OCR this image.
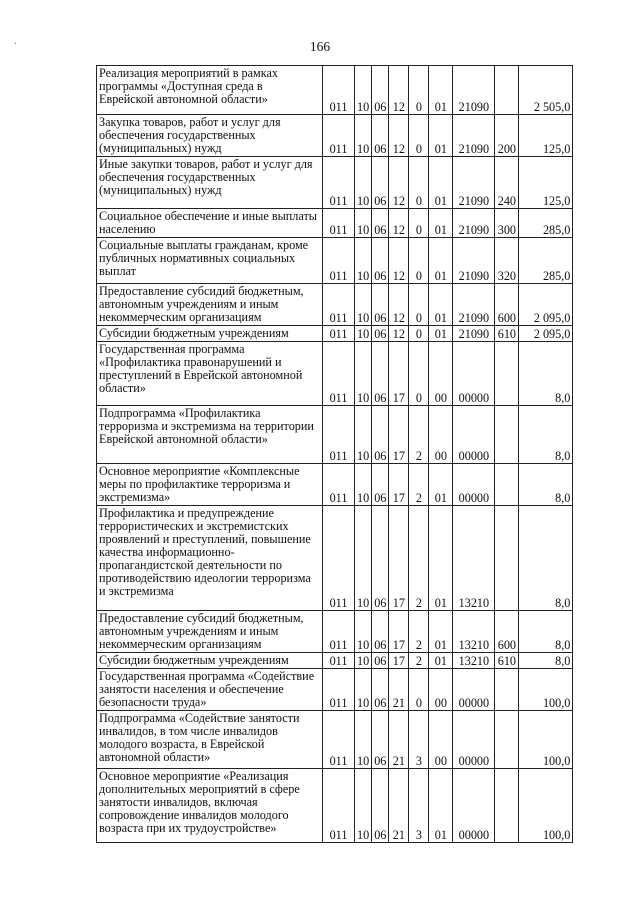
.	166
Реализация мероприятий в рамках программы «Доступная среда в Еврейской автономной области»	011	10	06	12	0	01	21090		2 505,0

Закупка товаров, работ и услуг для обеспечения государственных (муниципальных) нужд	011	10	06	12	0	01	21090	200	125,0

Иные закупки товаров, работ и услуг для обеспечения государственных (муниципальных) нужд	011	10	06	12	0	01	21090	240	125,0

Социальное обеспечение и иные выплаты населению	011	10	06	12	0	01	21090	300	285,0

Социальные выплаты гражданам, кроме публичных нормативных социальных выплат	011	10	06	12	0	01	21090	320	285,0

Предоставление субсидий бюджетным, автономным учреждениям и иным некоммерческим организациям	011	10	06	12	0	01	21090	600	2 095,0

Субсидии бюджетным учреждениям	011	10	06	12	0	01	21090	610	2 095,0

Государственная программа «Профилактика правонарушений и преступлений в Еврейской автономной области»	011	10	06	17	0	00	00000		8,0

Подпрограмма «Профилактика терроризма и экстремизма на территории Еврейской автономной области»	011	10	06	17	2	00	00000		8,0

Основное мероприятие «Комплексные меры по профилактике терроризма и экстремизма»	011	10	06	17	2	01	00000		8,0

Профилактика и предупреждение террористических и экстремистских проявлений и преступлений, повышение качества информационно-пропагандистской деятельности по противодействию идеологии терроризма и экстремизма	011	10	06	17	2	01	13210		8,0

Предоставление субсидий бюджетным, автономным учреждениям и иным некоммерческим организациям	011	10	06	17	2	01	13210	600	8,0

Субсидии бюджетным учреждениям	011	10	06	17	2	01	13210	610	8,0

Государственная программа «Содействие занятости населения и обеспечение безопасности труда»	011	10	06	21	0	00	00000		100,0

Подпрограмма «Содействие занятости инвалидов, в том числе инвалидов молодого возраста, в Еврейской автономной области»	011	10	06	21	3	00	00000		100,0

Основное мероприятие «Реализация дополнительных мероприятий в сфере занятости инвалидов, включая сопровождение инвалидов молодого возраста при их трудоустройстве»	011	10	06	21	3	01	00000		100,0
